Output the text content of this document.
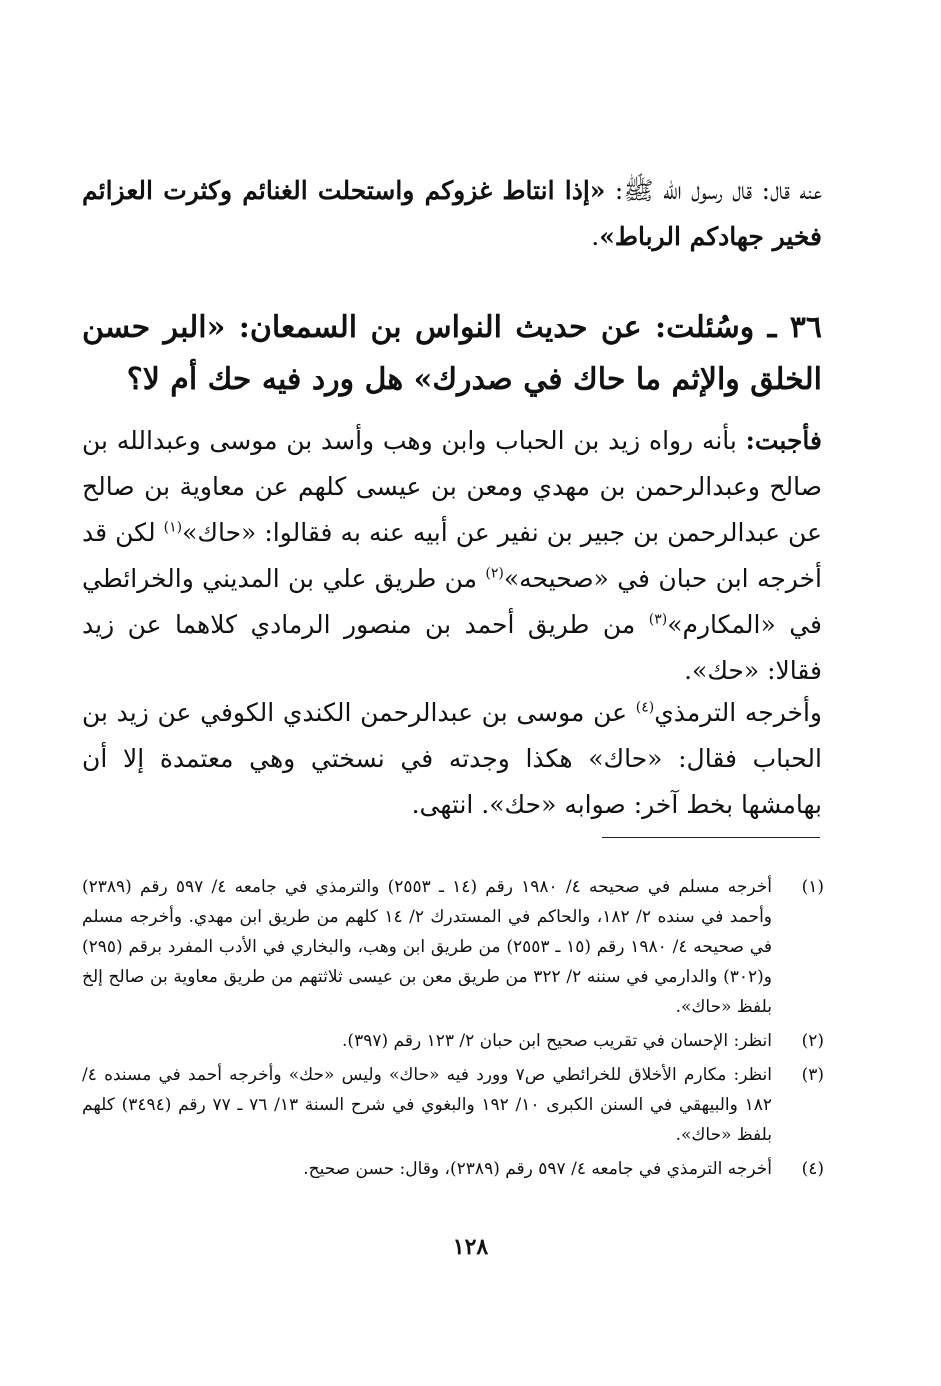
عنه قال: قال رسول الله ﷺ: «إذا انتاط غزوكم واستحلت الغنائم وكثرت العزائم فخير جهادكم الرباط».
٣٦ ـ وسُئلت: عن حديث النواس بن السمعان: «البر حسن الخلق والإثم ما حاك في صدرك» هل ورد فيه حك أم لا؟
فأجبت: بأنه رواه زيد بن الحباب وابن وهب وأسد بن موسى وعبدالله بن صالح وعبدالرحمن بن مهدي ومعن بن عيسى كلهم عن معاوية بن صالح عن عبدالرحمن بن جبير بن نفير عن أبيه عنه به فقالوا: «حاك»$^{(١)}$ لكن قد أخرجه ابن حبان في «صحيحه»$^{(٢)}$ من طريق علي بن المديني والخرائطي في «المكارم»$^{(٣)}$ من طريق أحمد بن منصور الرمادي كلاهما عن زيد فقالا: «حك».
وأخرجه الترمذي$^{(٤)}$ عن موسى بن عبدالرحمن الكندي الكوفي عن زيد بن الحباب فقال: «حاك» هكذا وجدته في نسختي وهي معتمدة إلا أن بهامشها بخط آخر: صوابه «حك». انتهى.
(١)
أخرجه مسلم في صحيحه ٤/ ١٩٨٠ رقم (١٤ ـ ٢٥٥٣) والترمذي في جامعه ٤/ ٥٩٧ رقم (٢٣٨٩) وأحمد في سنده ٢/ ١٨٢، والحاكم في المستدرك ٢/ ١٤ كلهم من طريق ابن مهدي. وأخرجه مسلم في صحيحه ٤/ ١٩٨٠ رقم (١٥ ـ ٢٥٥٣) من طريق ابن وهب، والبخاري في الأدب المفرد برقم (٢٩٥) و(٣٠٢) والدارمي في سننه ٢/ ٣٢٢ من طريق معن بن عيسى ثلاثتهم من طريق معاوية بن صالح إلخ بلفظ «حاك».
(٢)
انظر: الإحسان في تقريب صحيح ابن حبان ٢/ ١٢٣ رقم (٣٩٧).
(٣)
انظر: مكارم الأخلاق للخرائطي ص٧ وورد فيه «حاك» وليس «حك» وأخرجه أحمد في مسنده ٤/ ١٨٢ والبيهقي في السنن الكبرى ١٠/ ١٩٢ والبغوي في شرح السنة ١٣/ ٧٦ ـ ٧٧ رقم (٣٤٩٤) كلهم بلفظ «حاك».
(٤)
أخرجه الترمذي في جامعه ٤/ ٥٩٧ رقم (٢٣٨٩)، وقال: حسن صحيح.
١٢٨
